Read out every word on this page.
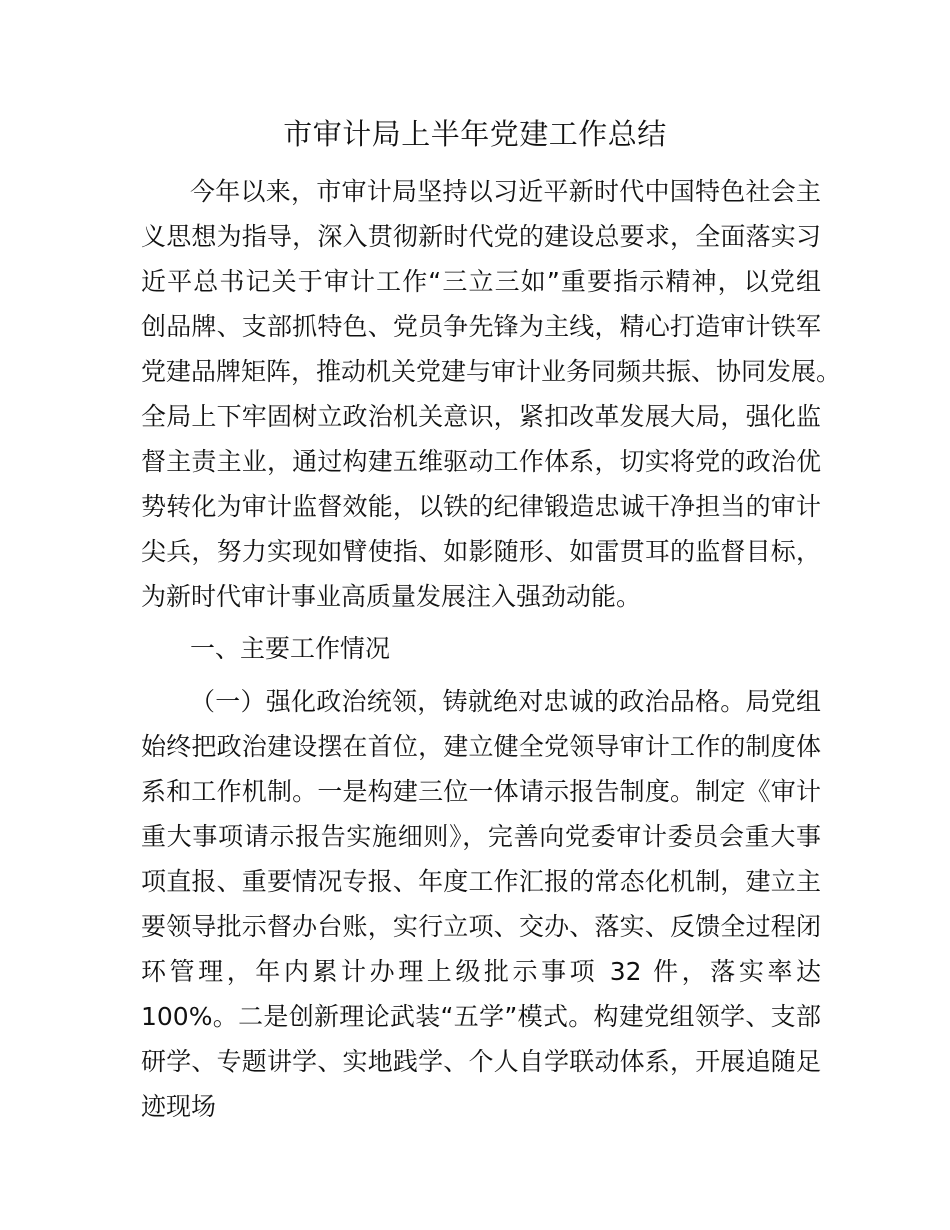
市审计局上半年党建工作总结
今年以来，市审计局坚持以习近平新时代中国特色社会主
义思想为指导，深入贯彻新时代党的建设总要求，全面落实习
近平总书记关于审计工作“三立三如”重要指示精神，以党组
创品牌、支部抓特色、党员争先锋为主线，精心打造审计铁军
党建品牌矩阵，推动机关党建与审计业务同频共振、协同发展。
全局上下牢固树立政治机关意识，紧扣改革发展大局，强化监
督主责主业，通过构建五维驱动工作体系，切实将党的政治优
势转化为审计监督效能，以铁的纪律锻造忠诚干净担当的审计
尖兵，努力实现如臂使指、如影随形、如雷贯耳的监督目标，
为新时代审计事业高质量发展注入强劲动能。
一、主要工作情况
（一）强化政治统领，铸就绝对忠诚的政治品格。局党组
始终把政治建设摆在首位，建立健全党领导审计工作的制度体
系和工作机制。一是构建三位一体请示报告制度。制定《审计
重大事项请示报告实施细则》，完善向党委审计委员会重大事
项直报、重要情况专报、年度工作汇报的常态化机制，建立主
要领导批示督办台账，实行立项、交办、落实、反馈全过程闭
环管理，年内累计办理上级批示事项 32 件，落实率达
100%。二是创新理论武装“五学”模式。构建党组领学、支部
研学、专题讲学、实地践学、个人自学联动体系，开展追随足
迹现场
